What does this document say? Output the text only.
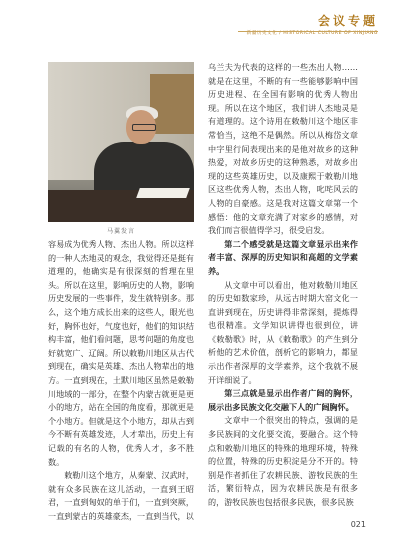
会议专题
新疆历史文化 / HISTORICAL CULTURE OF XINJIANG
马翼发言

容易成为优秀人物、杰出人物。所以这样的一种人杰地灵的观念，我觉得还是挺有道理的，他确实是有很深刻的哲理在里头。所以在这里，影响历史的人物，影响历史发展的一些事件，发生就特别多。那么，这个地方成长出来的这些人，眼光也好，胸怀也好，气度也好，他们的知识结构丰富，他们看问题，思考问题的角度也好就宽广、辽阔。所以敕勒川地区从古代到现在，确实是英雄、杰出人物辈出的地方。一直到现在，土默川地区虽然是敕勒川地域的一部分，在整个内蒙古就更是更小的地方，站在全国的角度看，那就更是个小地方。但就是这个小地方，却从古到今不断有英雄发迹，人才辈出，历史上有记载的有名的人物，优秀人才，多不胜数。

敕勒川这个地方，从秦蒙、汉武时，就有众多民族在这儿活动，一直到王昭君，一直到匈奴的单于们，一直到突厥，一直到蒙古的英雄豪杰，一直到当代，以

乌兰夫为代表的这样的一些杰出人物……就是在这里，不断的有一些能够影响中国历史进程、在全国有影响的优秀人物出现。所以在这个地区，我们讲人杰地灵是有道理的。这个诗用在敕勒川这个地区非常恰当，这绝不是偶然。所以从梅岱文章中字里行间表现出来的是他对故乡的这种热爱，对故乡历史的这种熟悉，对故乡出现的这些英雄历史，以及康熙于敕勒川地区这些优秀人物，杰出人物，叱咤风云的人物的自豪感。这是我对这篇文章第一个感悟：他的文章充满了对家乡的感情，对我们而言很值得学习，很受启发。

第二个感受就是这篇文章显示出来作者丰富、深厚的历史知识和高超的文学素养。

从文章中可以看出，他对敕勒川地区的历史如数家珍，从远古时期大窑文化一直讲到现在，历史讲得非常深刻，提炼得也很精准。文学知识讲得也很到位，讲《敕勒歌》时，从《敕勒歌》的产生到分析他的艺术价值，剖析它的影响力，都显示出作者深厚的文学素养，这个我就不展开详细说了。

第三点就是显示出作者广阔的胸怀，展示出多民族文化交融下人的广阔胸怀。

文章中一个很突出的特点，强调的是多民族间的文化要交流，要融合。这个特点和敕勒川地区的特殊的地理环境，特殊的位置，特殊的历史积淀是分不开的。特别是作者抓住了农耕民族、游牧民族的生活，繁衍特点，因为农耕民族是有很多的，游牧民族也包括很多民族，很多民族

021
